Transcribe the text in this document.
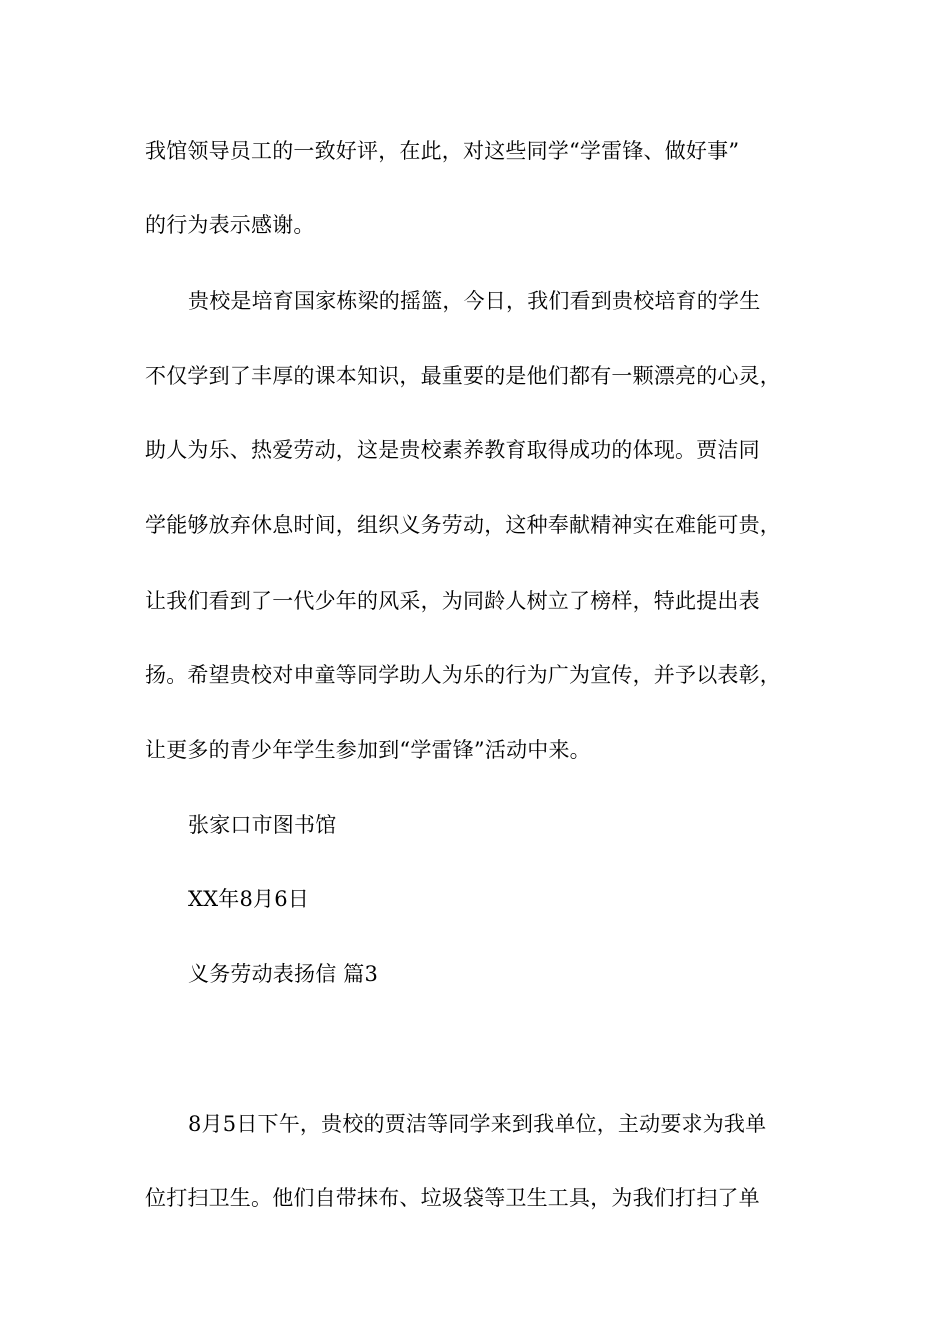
我馆领导员工的一致好评，在此，对这些同学“学雷锋、做好事”
的行为表示感谢。
贵校是培育国家栋梁的摇篮，今日，我们看到贵校培育的学生
不仅学到了丰厚的课本知识，最重要的是他们都有一颗漂亮的心灵，
助人为乐、热爱劳动，这是贵校素养教育取得成功的体现。贾洁同
学能够放弃休息时间，组织义务劳动，这种奉献精神实在难能可贵，
让我们看到了一代少年的风采，为同龄人树立了榜样，特此提出表
扬。希望贵校对申童等同学助人为乐的行为广为宣传，并予以表彰，
让更多的青少年学生参加到“学雷锋”活动中来。
张家口市图书馆
XX年8月6日
义务劳动表扬信 篇3
8月5日下午，贵校的贾洁等同学来到我单位，主动要求为我单
位打扫卫生。他们自带抹布、垃圾袋等卫生工具，为我们打扫了单
